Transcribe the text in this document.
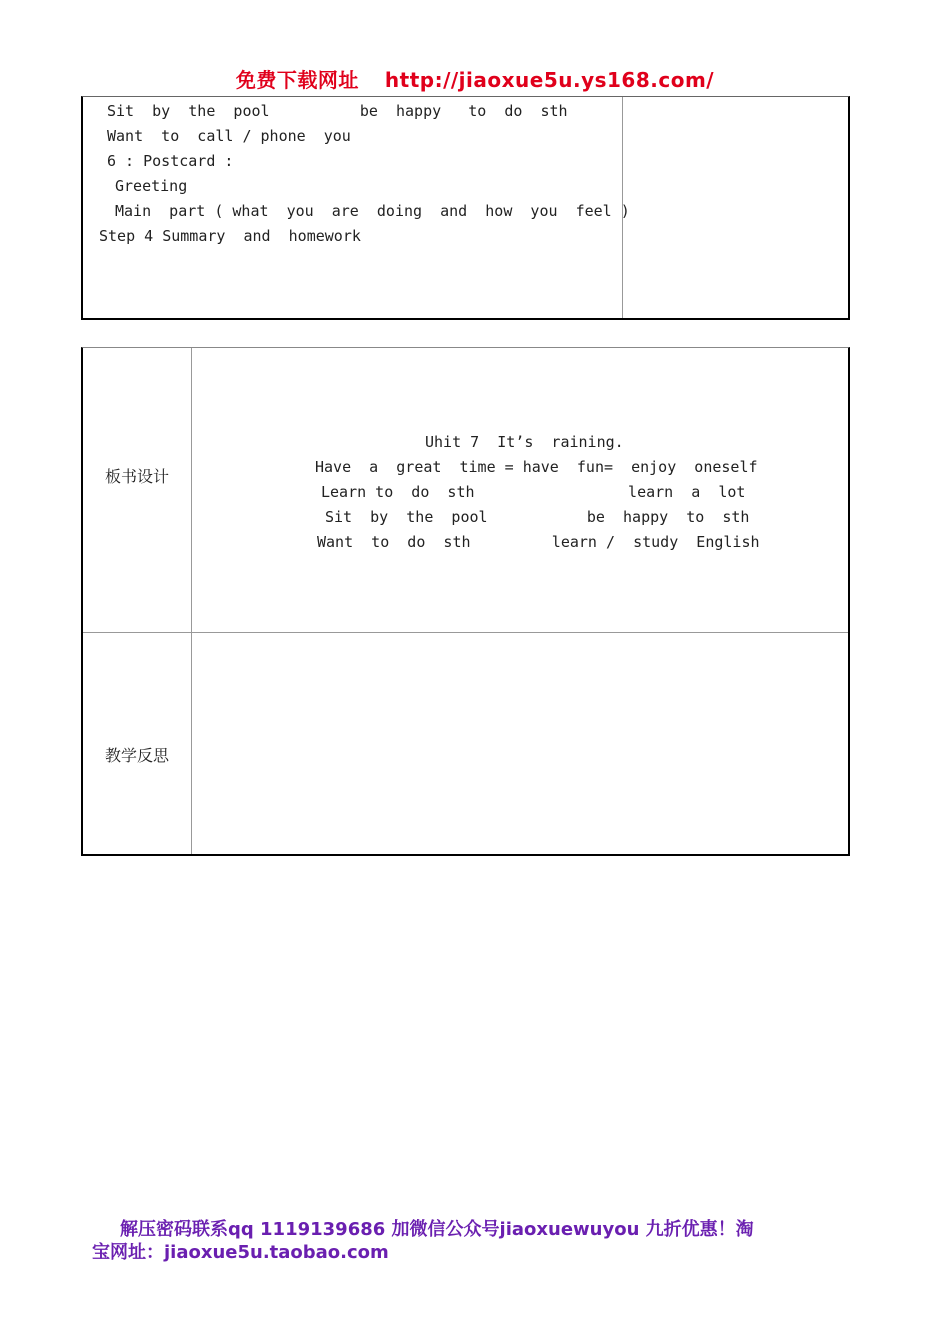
免费下载网址 http://jiaoxue5u.ys168.com/
Sit  by  the  pool          be  happy   to  do  sth
Want  to  call / phone  you
6 : Postcard :
Greeting
Main  part ( what  you  are  doing  and  how  you  feel )
Step 4 Summary  and  homework
板书设计
教学反思
Uhit 7  It’s  raining.
Have  a  great  time = have  fun=  enjoy  oneself
Learn to  do  sth                 learn  a  lot
Sit  by  the  pool           be  happy  to  sth
Want  to  do  sth         learn /  study  English
解压密码联系qq 1119139686 加微信公众号jiaoxuewuyou 九折优惠！淘
宝网址：jiaoxue5u.taobao.com
